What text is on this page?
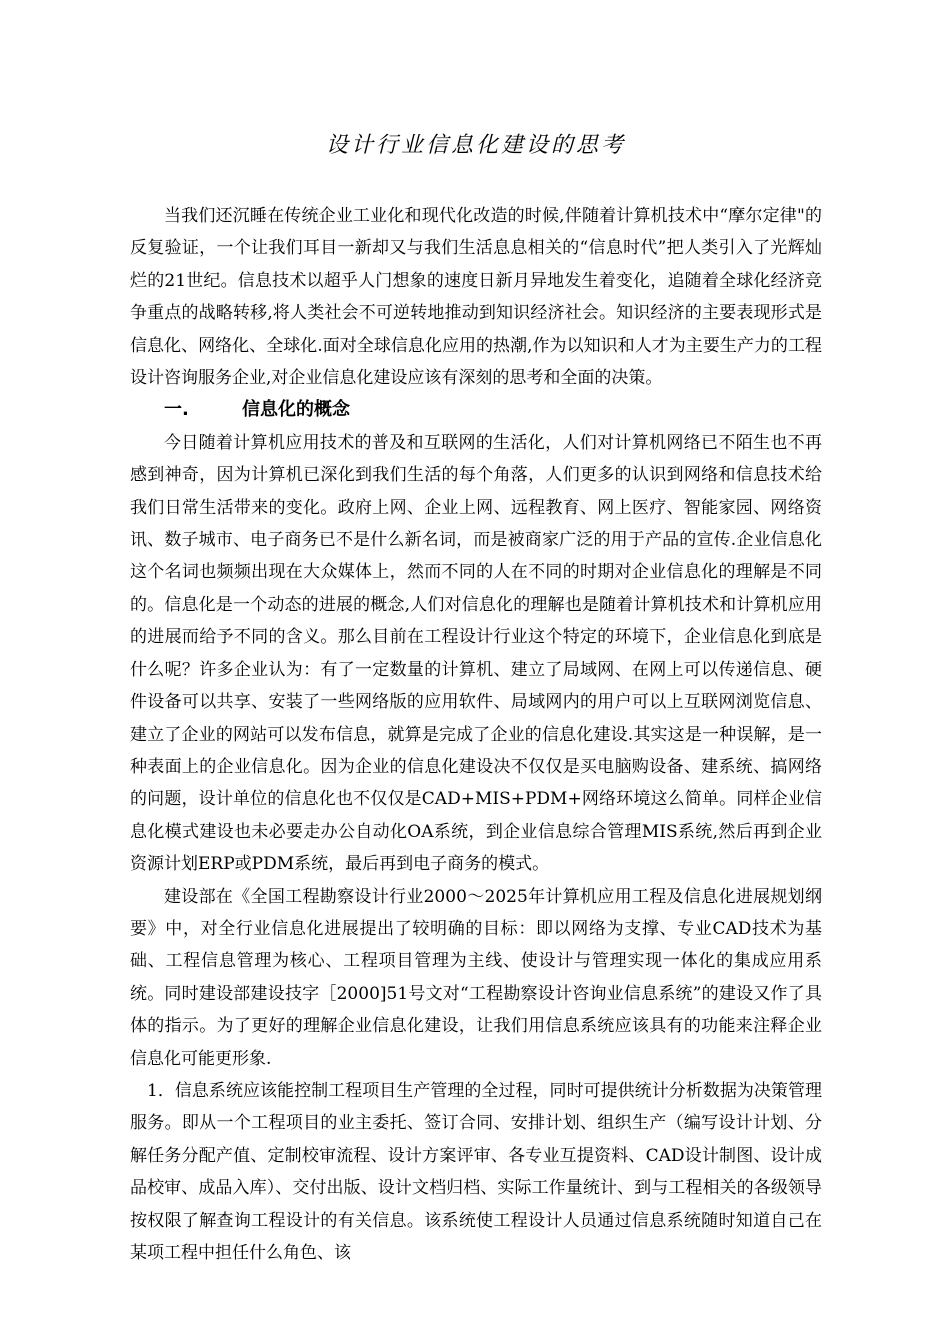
设计行业信息化建设的思考

当我们还沉睡在传统企业工业化和现代化改造的时候,伴随着计算机技术中“摩尔定律"的反复验证，一个让我们耳目一新却又与我们生活息息相关的“信息时代”把人类引入了光辉灿烂的21世纪。信息技术以超乎人门想象的速度日新月异地发生着变化，追随着全球化经济竞争重点的战略转移,将人类社会不可逆转地推动到知识经济社会。知识经济的主要表现形式是信息化、网络化、全球化.面对全球信息化应用的热潮,作为以知识和人才为主要生产力的工程设计咨询服务企业,对企业信息化建设应该有深刻的思考和全面的决策。

一.	信息化的概念

今日随着计算机应用技术的普及和互联网的生活化，人们对计算机网络已不陌生也不再感到神奇，因为计算机已深化到我们生活的每个角落，人们更多的认识到网络和信息技术给我们日常生活带来的变化。政府上网、企业上网、远程教育、网上医疗、智能家园、网络资讯、数子城市、电子商务已不是什么新名词，而是被商家广泛的用于产品的宣传.企业信息化这个名词也频频出现在大众媒体上，然而不同的人在不同的时期对企业信息化的理解是不同的。信息化是一个动态的进展的概念,人们对信息化的理解也是随着计算机技术和计算机应用的进展而给予不同的含义。那么目前在工程设计行业这个特定的环境下，企业信息化到底是什么呢？许多企业认为：有了一定数量的计算机、建立了局域网、在网上可以传递信息、硬件设备可以共享、安装了一些网络版的应用软件、局域网内的用户可以上互联网浏览信息、建立了企业的网站可以发布信息，就算是完成了企业的信息化建设.其实这是一种误解，是一种表面上的企业信息化。因为企业的信息化建设决不仅仅是买电脑购设备、建系统、搞网络的问题，设计单位的信息化也不仅仅是CAD+MIS+PDM+网络环境这么简单。同样企业信息化模式建设也未必要走办公自动化OA系统，到企业信息综合管理MIS系统,然后再到企业资源计划ERP或PDM系统，最后再到电子商务的模式。

建设部在《全国工程勘察设计行业2000～2025年计算机应用工程及信息化进展规划纲要》中，对全行业信息化进展提出了较明确的目标：即以网络为支撑、专业CAD技术为基础、工程信息管理为核心、工程项目管理为主线、使设计与管理实现一体化的集成应用系统。同时建设部建设技字［2000]51号文对“工程勘察设计咨询业信息系统”的建设又作了具体的指示。为了更好的理解企业信息化建设，让我们用信息系统应该具有的功能来注释企业信息化可能更形象.

1．信息系统应该能控制工程项目生产管理的全过程，同时可提供统计分析数据为决策管理服务。即从一个工程项目的业主委托、签订合同、安排计划、组织生产（编写设计计划、分解任务分配产值、定制校审流程、设计方案评审、各专业互提资料、CAD设计制图、设计成品校审、成品入库）、交付出版、设计文档归档、实际工作量统计、到与工程相关的各级领导按权限了解查询工程设计的有关信息。该系统使工程设计人员通过信息系统随时知道自己在某项工程中担任什么角色、该
